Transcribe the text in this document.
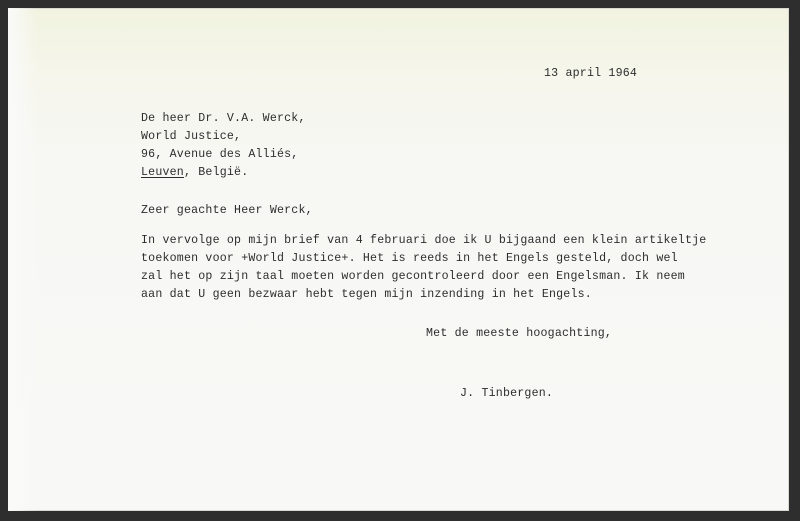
13 april 1964
De heer Dr. V.A. Werck,
World Justice,
96, Avenue des Alliés,
Leuven, België.
Zeer geachte Heer Werck,
In vervolge op mijn brief van 4 februari doe ik U bijgaand een klein artikeltje
toekomen voor +World Justice+. Het is reeds in het Engels gesteld, doch wel
zal het op zijn taal moeten worden gecontroleerd door een Engelsman. Ik neem
aan dat U geen bezwaar hebt tegen mijn inzending in het Engels.
Met de meeste hoogachting,
J. Tinbergen.
